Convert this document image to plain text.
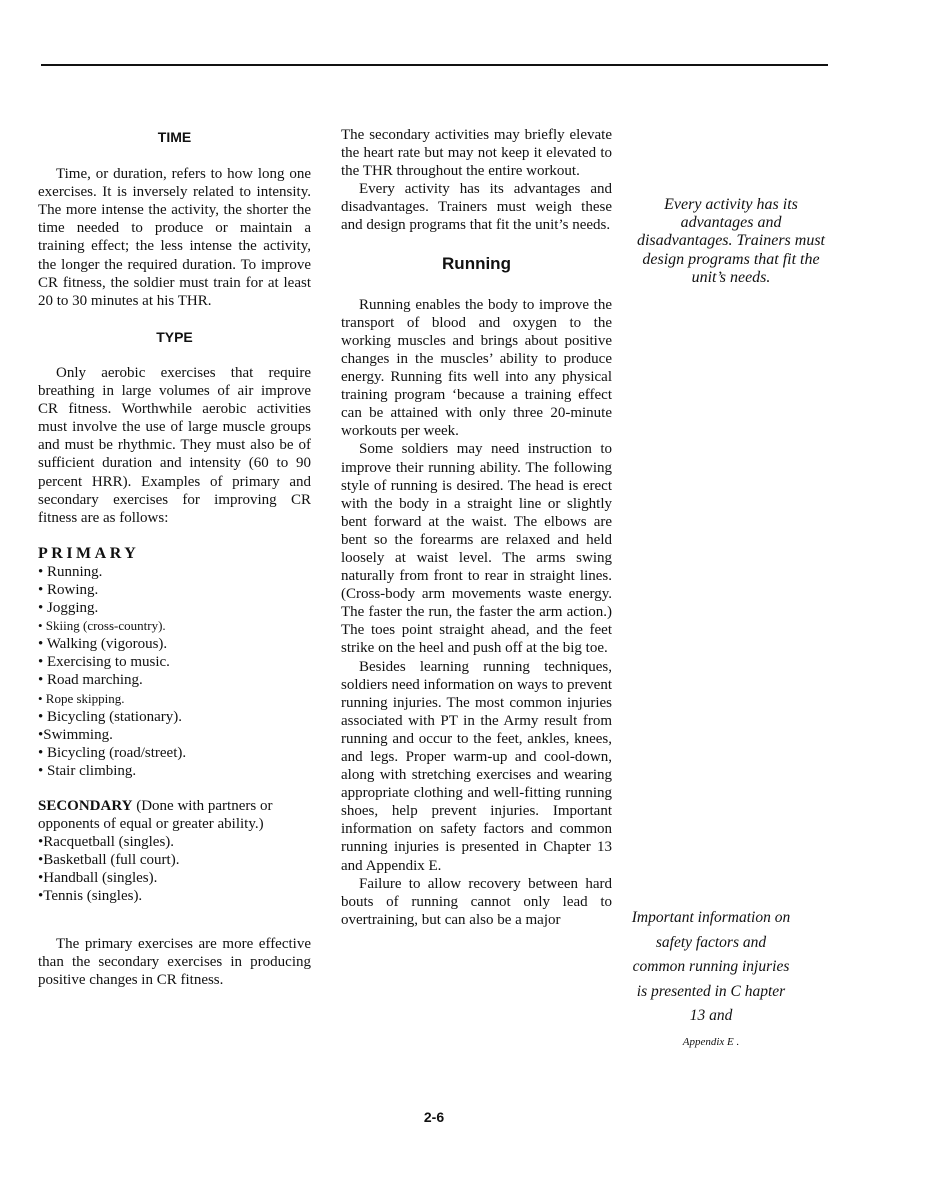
TIME

Time, or duration, refers to how long one exercises. It is inversely related to intensity. The more intense the activity, the shorter the time needed to produce or maintain a training effect; the less intense the activity, the longer the required duration. To improve CR fitness, the soldier must train for at least 20 to 30 minutes at his THR.

TYPE

Only aerobic exercises that require breathing in large volumes of air improve CR fitness. Worthwhile aerobic activities must involve the use of large muscle groups and must be rhythmic. They must also be of sufficient duration and intensity (60 to 90 percent HRR). Examples of primary and secondary exercises for improving CR fitness are as follows:

PRIMARY
• Running.
• Rowing.
• Jogging.
• Skiing (cross-country).
• Walking (vigorous).
• Exercising to music.
• Road marching.
• Rope skipping.
• Bicycling (stationary).
•Swimming.
• Bicycling (road/street).
• Stair climbing.

SECONDARY (Done with partners or opponents of equal or greater ability.)

•Racquetball (singles).
•Basketball (full court).
•Handball (singles).
•Tennis (singles).

The primary exercises are more effective than the secondary exercises in producing positive changes in CR fitness.

The secondary activities may briefly elevate the heart rate but may not keep it elevated to the THR throughout the entire workout.

Every activity has its advantages and disadvantages. Trainers must weigh these and design programs that fit the unit’s needs.

Running

Running enables the body to improve the transport of blood and oxygen to the working muscles and brings about positive changes in the muscles’ ability to produce energy. Running fits well into any physical training program ‘because a training effect can be attained with only three 20-minute workouts per week.

Some soldiers may need instruction to improve their running ability. The following style of running is desired. The head is erect with the body in a straight line or slightly bent forward at the waist. The elbows are bent so the forearms are relaxed and held loosely at waist level. The arms swing naturally from front to rear in straight lines. (Cross-body arm movements waste energy. The faster the run, the faster the arm action.) The toes point straight ahead, and the feet strike on the heel and push off at the big toe.

Besides learning running techniques, soldiers need information on ways to prevent running injuries. The most common injuries associated with PT in the Army result from running and occur to the feet, ankles, knees, and legs. Proper warm-up and cool-down, along with stretching exercises and wearing appropriate clothing and well-fitting running shoes, help prevent injuries. Important information on safety factors and common running injuries is presented in Chapter 13 and Appendix E.

Failure to allow recovery between hard bouts of running cannot only lead to overtraining, but can also be a major

Every activity has its advantages and disadvantages. Trainers must design programs that fit the unit’s needs.
Important information on safety factors and common running injuries is presented in C hapter 13 and
Appendix E .
2-6
